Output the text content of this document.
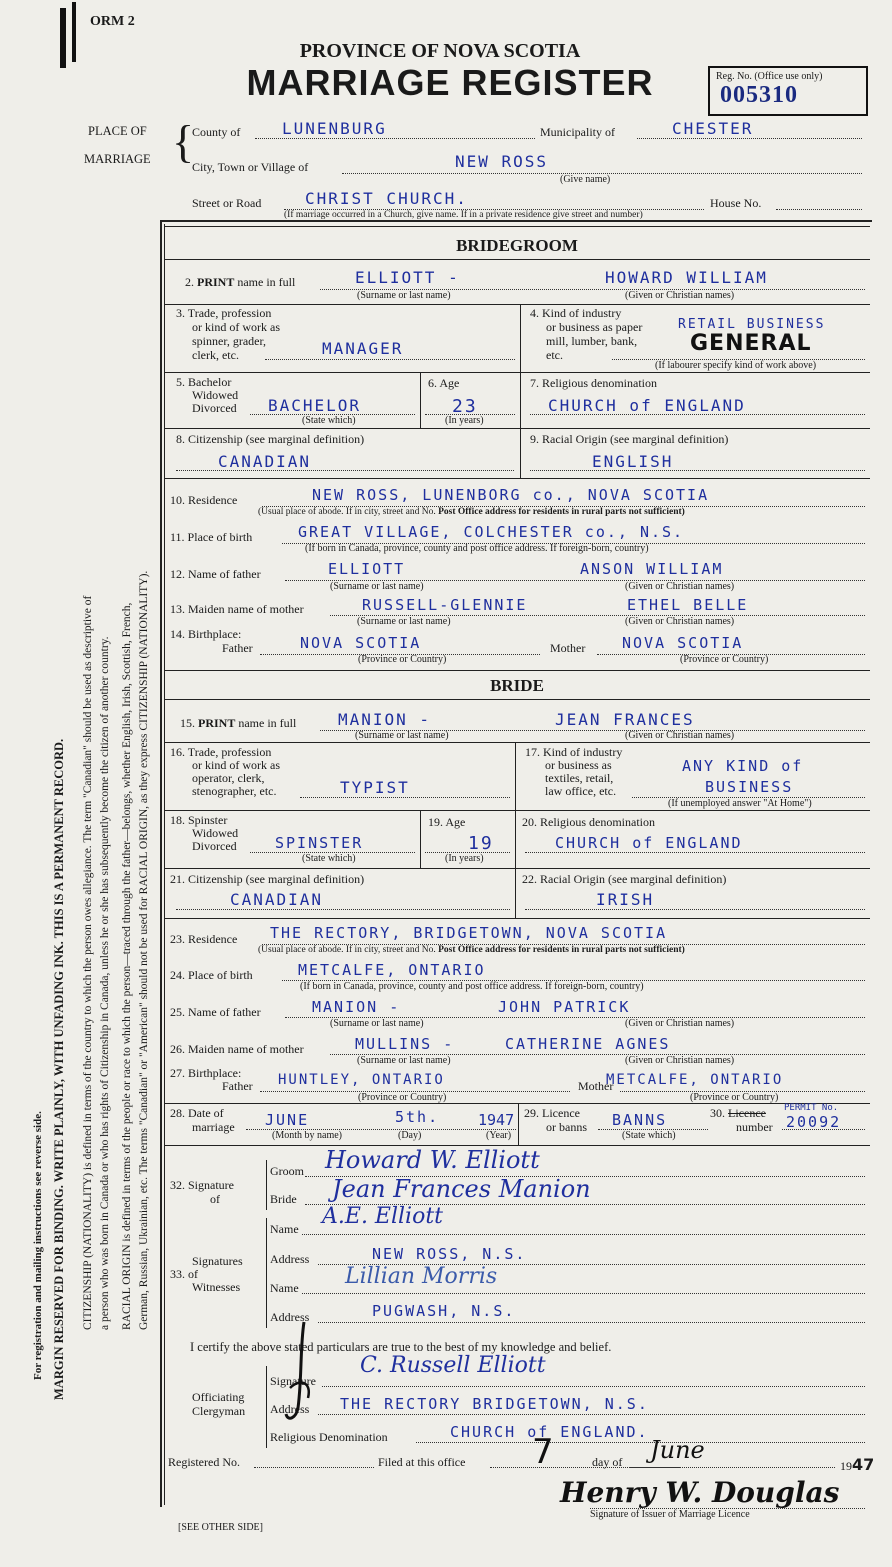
For registration and mailing instructions see reverse side. MARGIN RESERVED FOR BINDING. WRITE PLAINLY, WITH UNFADING INK. THIS IS A PERMANENT RECORD. CITIZENSHIP (NATIONALITY) is defined in terms of the country to which the person owes allegiance. The term "Canadian" should be used as descriptive of a person who was born in Canada or who has rights of Citizenship in Canada, unless he or she has subsequently become the citizen of another country. RACIAL ORIGIN is defined in terms of the people or race to which the person—traced through the father—belongs, whether English, Irish, Scottish, French, German, Russian, Ukrainian, etc. The terms "Canadian" or "American" should not be used for RACIAL ORIGIN, as they express CITIZENSHIP (NATIONALITY).
ORM 2
PROVINCE OF NOVA SCOTIA
MARRIAGE REGISTER	Reg. No. (Office use only)
005310
PLACE OF
MARRIAGE {
County of	LUNENBURG	Municipality of	CHESTER
City, Town or Village of	NEW ROSS
(Give name)
Street or Road	CHRIST CHURCH.	House No.
(If marriage occurred in a Church, give name. If in a private residence give street and number)
BRIDEGROOM
2. PRINT name in full	ELLIOTT -	HOWARD WILLIAM
(Surname or last name)	(Given or Christian names)
3. Trade, profession
or kind of work as
spinner, grader,
clerk, etc.	MANAGER
4. Kind of industry
or business as paper
mill, lumber, bank,
etc.
RETAIL BUSINESS
GENERAL
(If labourer specify kind of work above)
5. Bachelor
Widowed
Divorced BACHELOR
(State which)
6. Age
23
(In years)
7. Religious denomination
CHURCH of ENGLAND
8. Citizenship (see marginal definition)
CANADIAN
9. Racial Origin (see marginal definition)
ENGLISH
10. Residence	NEW ROSS, LUNENBORG co., NOVA SCOTIA
(Usual place of abode. If in city, street and No. Post Office address for residents in rural parts not sufficient)
11. Place of birth	GREAT VILLAGE, COLCHESTER co., N.S.
(If born in Canada, province, county and post office address. If foreign-born, country)
12. Name of father	ELLIOTT	ANSON WILLIAM
(Surname or last name)	(Given or Christian names)
13. Maiden name of mother	RUSSELL-GLENNIE	ETHEL BELLE
(Surname or last name)	(Given or Christian names)
14. Birthplace:
Father	NOVA SCOTIA
(Province or Country)
Mother NOVA SCOTIA
(Province or Country)
BRIDE
15. PRINT name in full	MANION -	JEAN FRANCES
(Surname or last name)	(Given or Christian names)
16. Trade, profession
or kind of work as
operator, clerk,
stenographer, etc.	TYPIST
17. Kind of industry
or business as
textiles, retail,
law office, etc.
ANY KIND of
BUSINESS
(If unemployed answer "At Home")
18. Spinster
Widowed
Divorced	SPINSTER
(State which)
19. Age
19
(In years)
20. Religious denomination
CHURCH of ENGLAND
21. Citizenship (see marginal definition)
CANADIAN
22. Racial Origin (see marginal definition)
IRISH
23. Residence THE RECTORY, BRIDGETOWN, NOVA SCOTIA
(Usual place of abode. If in city, street and No. Post Office address for residents in rural parts not sufficient)
24. Place of birth	METCALFE, ONTARIO
(If born in Canada, province, county and post office address. If foreign-born, country)
25. Name of father	MANION -	JOHN PATRICK
(Surname or last name)	(Given or Christian names)
26. Maiden name of mother	MULLINS -	CATHERINE AGNES
(Surname or last name)	(Given or Christian names)
27. Birthplace:
Father HUNTLEY, ONTARIO
(Province or Country)
Mother
METCALFE, ONTARIO
(Province or Country)
28. Date of
marriage JUNE	5th.	1947
(Month by name)	(Day)	(Year)
29. Licence
or banns BANNS
(State which)
30. Licence
number
PERMIT No.
20092
32. Signature
of
Groom Howard W. Elliott
Bride Jean Frances Manion
Signatures
33. of
Witnesses
Name A.E. Elliott
Address	NEW ROSS, N.S.
Name Lillian Morris
Address	PUGWASH, N.S.
I certify the above stated particulars are true to the best of my knowledge and belief.
Officiating
Clergyman
Signature
C. Russell Elliott
Address THE RECTORY BRIDGETOWN, N.S.
Religious Denomination	CHURCH of ENGLAND.
Registered No.	Filed at this office 7	day of June
1947
Henry W. Douglas
Signature of Issuer of Marriage Licence
[SEE OTHER SIDE]
